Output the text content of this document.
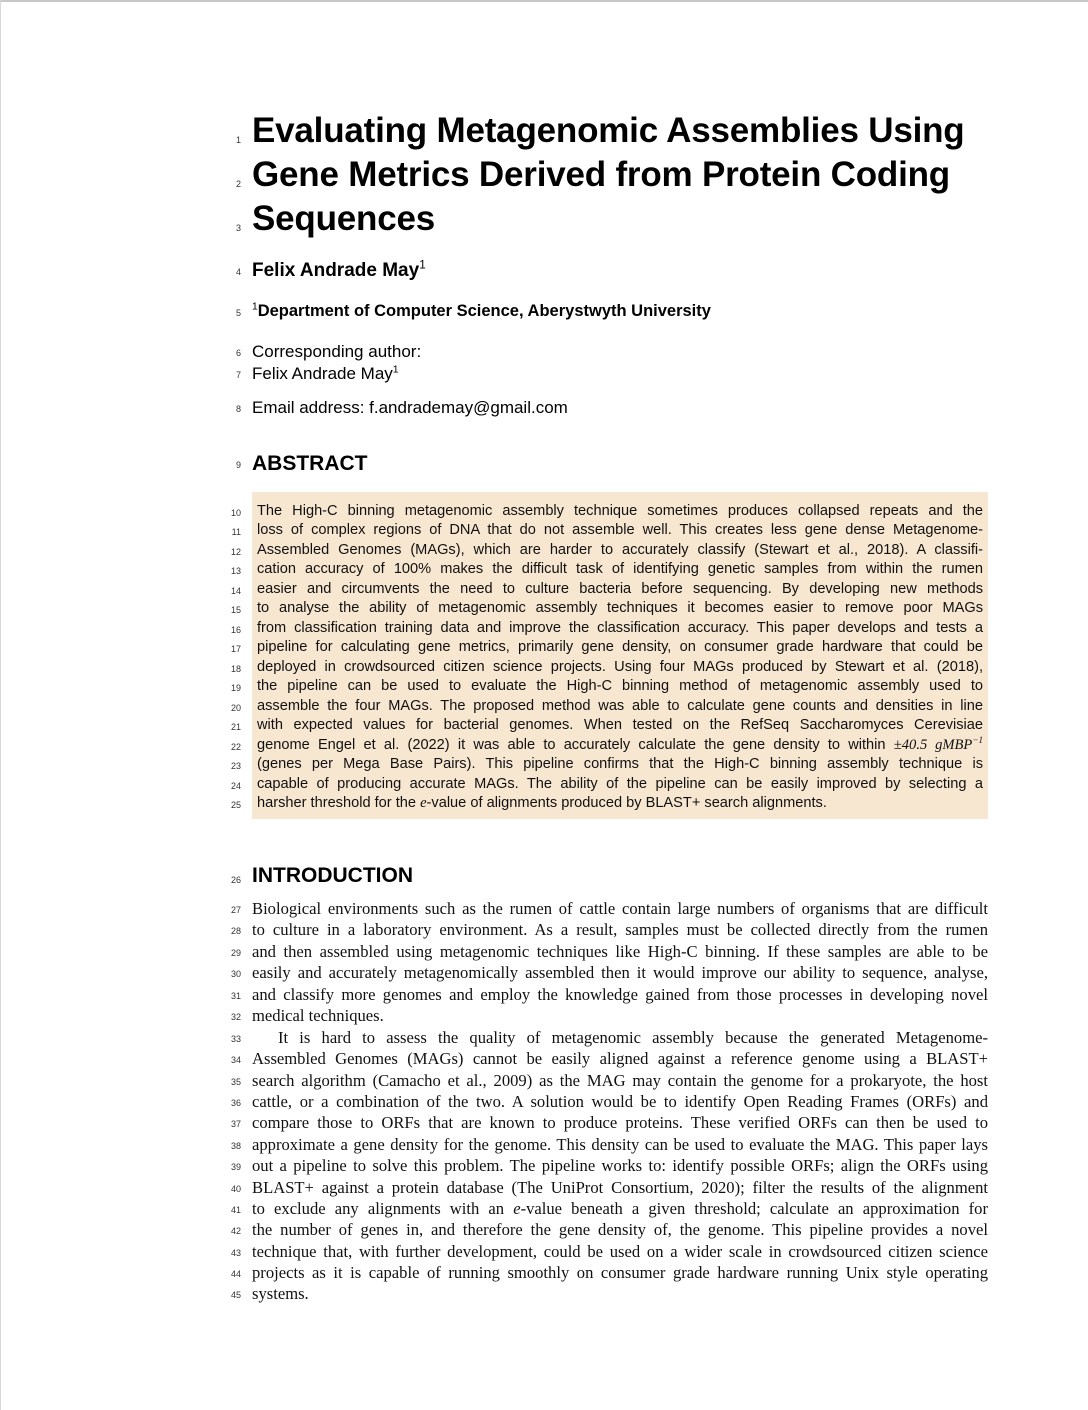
1
2
3
4
5
6
7
8
9
10
11
12
13
14
15
16
17
18
19
20
21
22
23
24
25
26
27
28
29
30
31
32
33
34
35
36
37
38
39
40
41
42
43
44
45
Evaluating Metagenomic Assemblies Using
Gene Metrics Derived from Protein Coding
Sequences
Felix Andrade May$^1$
$^1$Department of Computer Science, Aberystwyth University
Corresponding author:
Felix Andrade May$^1$
Email address: f.andrademay@gmail.com
ABSTRACT
The High-C binning metagenomic assembly technique sometimes produces collapsed repeats and the
loss of complex regions of DNA that do not assemble well. This creates less gene dense Metagenome-
Assembled Genomes (MAGs), which are harder to accurately classify (Stewart et al., 2018). A classifi-
cation accuracy of 100% makes the difficult task of identifying genetic samples from within the rumen
easier and circumvents the need to culture bacteria before sequencing. By developing new methods
to analyse the ability of metagenomic assembly techniques it becomes easier to remove poor MAGs
from classification training data and improve the classification accuracy. This paper develops and tests a
pipeline for calculating gene metrics, primarily gene density, on consumer grade hardware that could be
deployed in crowdsourced citizen science projects. Using four MAGs produced by Stewart et al. (2018),
the pipeline can be used to evaluate the High-C binning method of metagenomic assembly used to
assemble the four MAGs. The proposed method was able to calculate gene counts and densities in line
with expected values for bacterial genomes. When tested on the RefSeq Saccharomyces Cerevisiae
genome Engel et al. (2022) it was able to accurately calculate the gene density to within ±40.5 gMBP$^{-1}$
(genes per Mega Base Pairs). This pipeline confirms that the High-C binning assembly technique is
capable of producing accurate MAGs. The ability of the pipeline can be easily improved by selecting a
harsher threshold for the e-value of alignments produced by BLAST+ search alignments.
INTRODUCTION
Biological environments such as the rumen of cattle contain large numbers of organisms that are difficult
to culture in a laboratory environment. As a result, samples must be collected directly from the rumen
and then assembled using metagenomic techniques like High-C binning. If these samples are able to be
easily and accurately metagenomically assembled then it would improve our ability to sequence, analyse,
and classify more genomes and employ the knowledge gained from those processes in developing novel
medical techniques.
It is hard to assess the quality of metagenomic assembly because the generated Metagenome-
Assembled Genomes (MAGs) cannot be easily aligned against a reference genome using a BLAST+
search algorithm (Camacho et al., 2009) as the MAG may contain the genome for a prokaryote, the host
cattle, or a combination of the two. A solution would be to identify Open Reading Frames (ORFs) and
compare those to ORFs that are known to produce proteins. These verified ORFs can then be used to
approximate a gene density for the genome. This density can be used to evaluate the MAG. This paper lays
out a pipeline to solve this problem. The pipeline works to: identify possible ORFs; align the ORFs using
BLAST+ against a protein database (The UniProt Consortium, 2020); filter the results of the alignment
to exclude any alignments with an e-value beneath a given threshold; calculate an approximation for
the number of genes in, and therefore the gene density of, the genome. This pipeline provides a novel
technique that, with further development, could be used on a wider scale in crowdsourced citizen science
projects as it is capable of running smoothly on consumer grade hardware running Unix style operating
systems.
